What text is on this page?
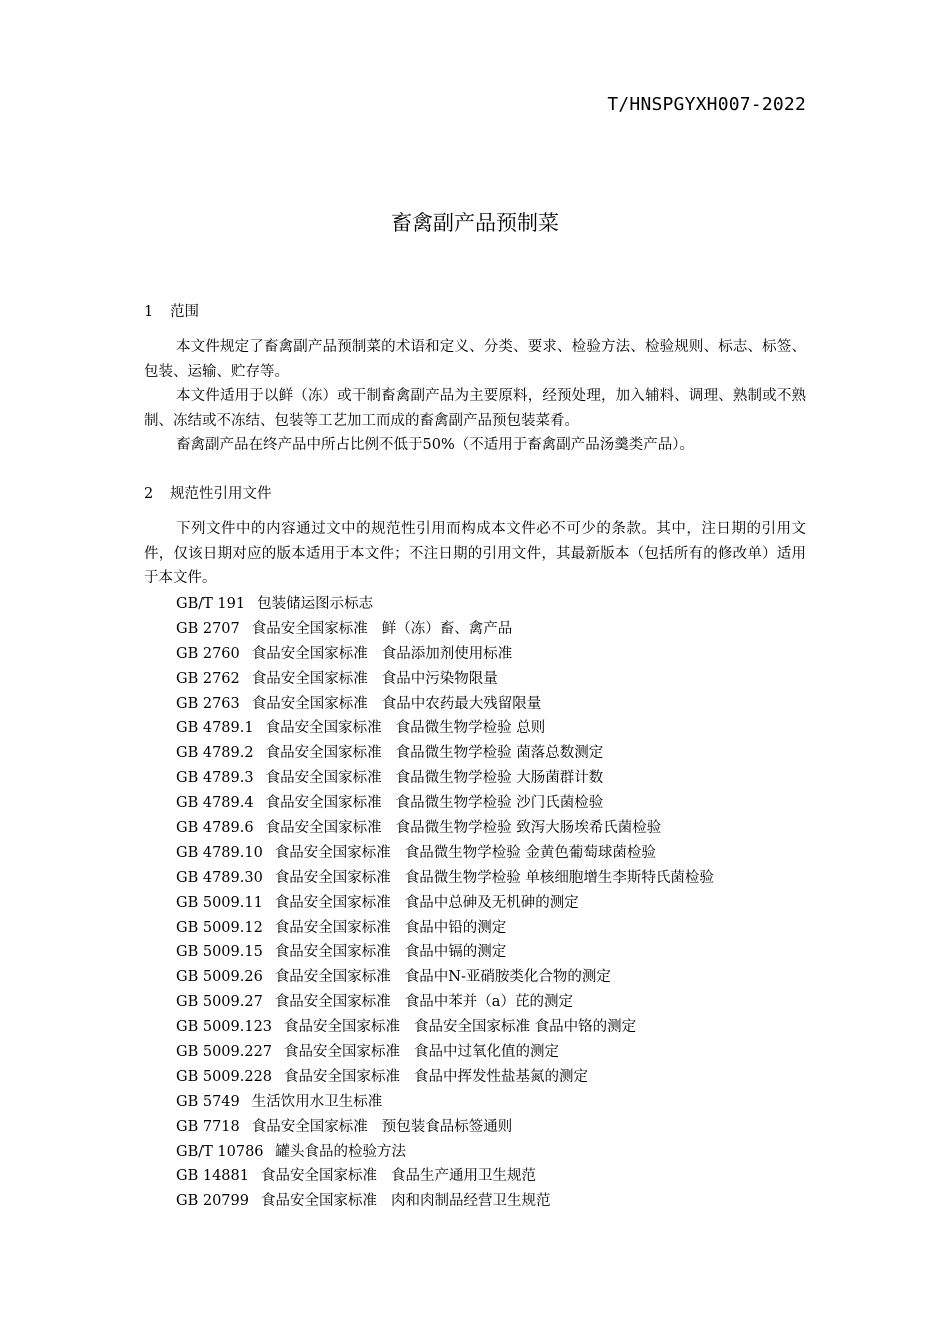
T/HNSPGYXH007-2022
畜禽副产品预制菜
1 范围
本文件规定了畜禽副产品预制菜的术语和定义、分类、要求、检验方法、检验规则、标志、标签、包装、运输、贮存等。
本文件适用于以鲜（冻）或干制畜禽副产品为主要原料，经预处理，加入辅料、调理、熟制或不熟制、冻结或不冻结、包装等工艺加工而成的畜禽副产品预包装菜肴。
畜禽副产品在终产品中所占比例不低于50%（不适用于畜禽副产品汤羹类产品）。
2 规范性引用文件
下列文件中的内容通过文中的规范性引用而构成本文件必不可少的条款。其中，注日期的引用文件，仅该日期对应的版本适用于本文件；不注日期的引用文件，其最新版本（包括所有的修改单）适用于本文件。
GB/T 191 包装储运图示标志
GB 2707 食品安全国家标准 鲜（冻）畜、禽产品
GB 2760 食品安全国家标准 食品添加剂使用标准
GB 2762 食品安全国家标准 食品中污染物限量
GB 2763 食品安全国家标准 食品中农药最大残留限量
GB 4789.1 食品安全国家标准 食品微生物学检验 总则
GB 4789.2 食品安全国家标准 食品微生物学检验 菌落总数测定
GB 4789.3 食品安全国家标准 食品微生物学检验 大肠菌群计数
GB 4789.4 食品安全国家标准 食品微生物学检验 沙门氏菌检验
GB 4789.6 食品安全国家标准 食品微生物学检验 致泻大肠埃希氏菌检验
GB 4789.10 食品安全国家标准 食品微生物学检验 金黄色葡萄球菌检验
GB 4789.30 食品安全国家标准 食品微生物学检验 单核细胞增生李斯特氏菌检验
GB 5009.11 食品安全国家标准 食品中总砷及无机砷的测定
GB 5009.12 食品安全国家标准 食品中铅的测定
GB 5009.15 食品安全国家标准 食品中镉的测定
GB 5009.26 食品安全国家标准 食品中N-亚硝胺类化合物的测定
GB 5009.27 食品安全国家标准 食品中苯并（a）芘的测定
GB 5009.123 食品安全国家标准 食品安全国家标准 食品中铬的测定
GB 5009.227 食品安全国家标准 食品中过氧化值的测定
GB 5009.228 食品安全国家标准 食品中挥发性盐基氮的测定
GB 5749 生活饮用水卫生标准
GB 7718 食品安全国家标准 预包装食品标签通则
GB/T 10786 罐头食品的检验方法
GB 14881 食品安全国家标准 食品生产通用卫生规范
GB 20799 食品安全国家标准 肉和肉制品经营卫生规范
